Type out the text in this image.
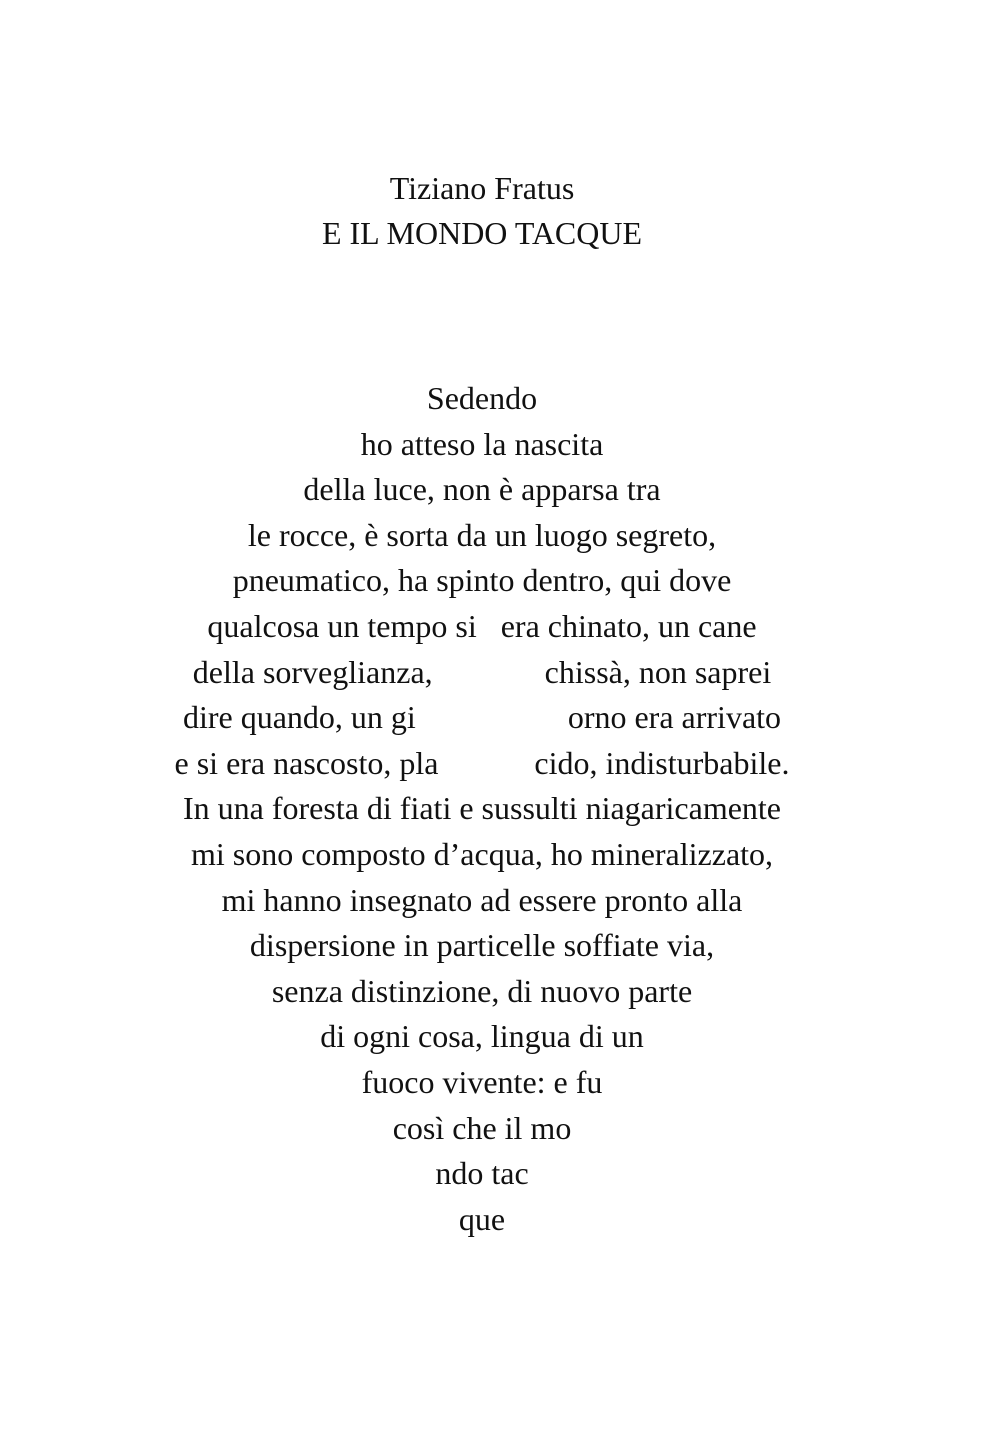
Tiziano Fratus
E IL MONDO TACQUE
Sedendo
ho atteso la nascita
della luce, non è apparsa tra
le rocce, è sorta da un luogo segreto,
pneumatico, ha spinto dentro, qui dove
qualcosa un tempo si   era chinato, un cane
della sorveglianza,              chissà, non saprei
dire quando, un gi                   orno era arrivato
e si era nascosto, pla            cido, indisturbabile.
In una foresta di fiati e sussulti niagaricamente
mi sono composto d’acqua, ho mineralizzato,
mi hanno insegnato ad essere pronto alla
dispersione in particelle soffiate via,
senza distinzione, di nuovo parte
di ogni cosa, lingua di un
fuoco vivente: e fu
così che il mo
ndo tac
que
